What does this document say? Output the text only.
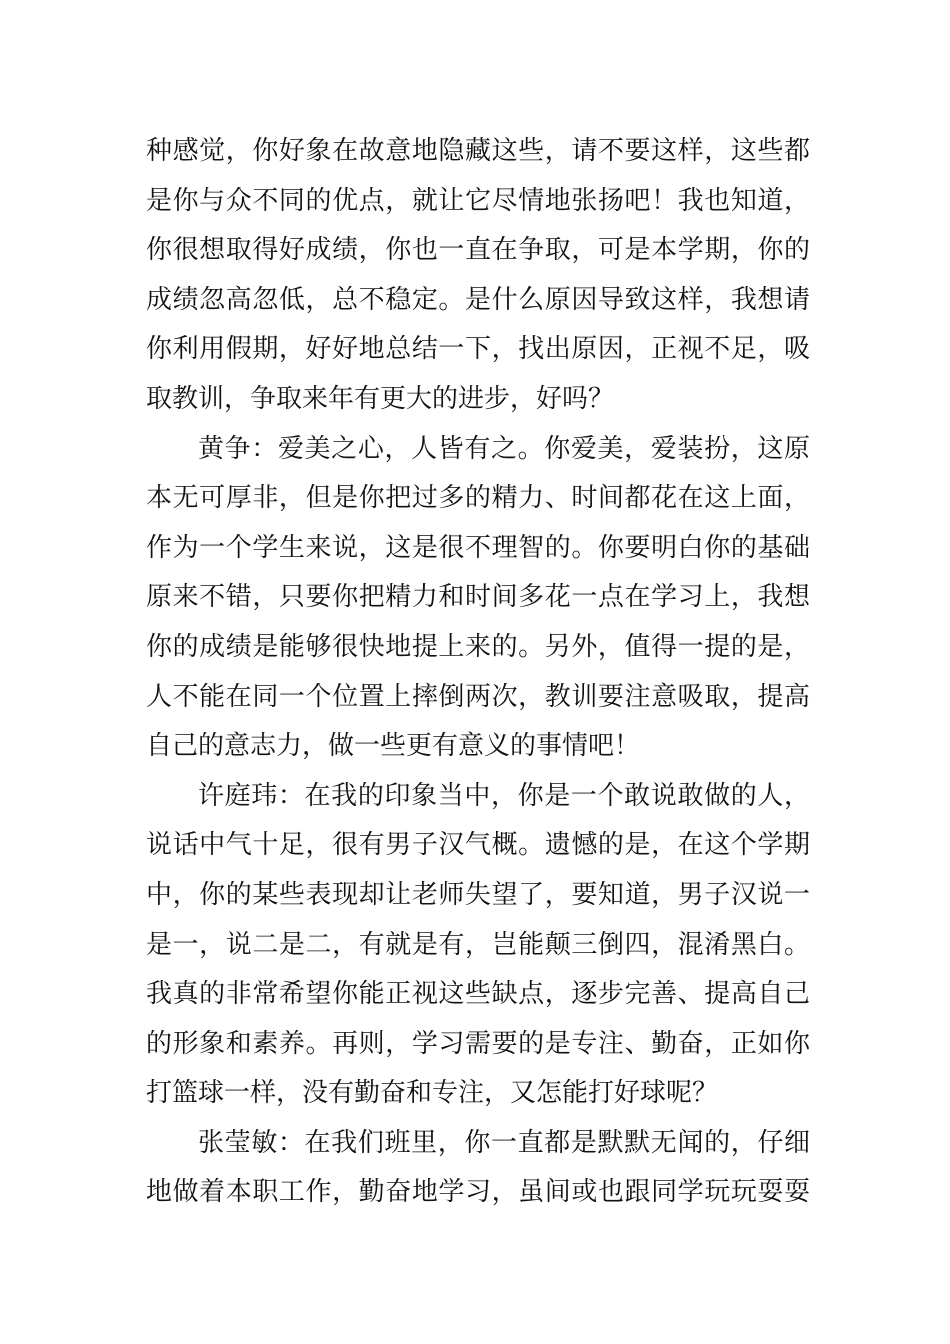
种感觉，你好象在故意地隐藏这些，请不要这样，这些都
是你与众不同的优点，就让它尽情地张扬吧！我也知道，
你很想取得好成绩，你也一直在争取，可是本学期，你的
成绩忽高忽低，总不稳定。是什么原因导致这样，我想请
你利用假期，好好地总结一下，找出原因，正视不足，吸
取教训，争取来年有更大的进步，好吗？
黄争：爱美之心，人皆有之。你爱美，爱装扮，这原
本无可厚非，但是你把过多的精力、时间都花在这上面，
作为一个学生来说，这是很不理智的。你要明白你的基础
原来不错，只要你把精力和时间多花一点在学习上，我想
你的成绩是能够很快地提上来的。另外，值得一提的是，
人不能在同一个位置上摔倒两次，教训要注意吸取，提高
自己的意志力，做一些更有意义的事情吧！
许庭玮：在我的印象当中，你是一个敢说敢做的人，
说话中气十足，很有男子汉气概。遗憾的是，在这个学期
中，你的某些表现却让老师失望了，要知道，男子汉说一
是一，说二是二，有就是有，岂能颠三倒四，混淆黑白。
我真的非常希望你能正视这些缺点，逐步完善、提高自己
的形象和素养。再则，学习需要的是专注、勤奋，正如你
打篮球一样，没有勤奋和专注，又怎能打好球呢？
张莹敏：在我们班里，你一直都是默默无闻的，仔细
地做着本职工作，勤奋地学习，虽间或也跟同学玩玩耍耍
